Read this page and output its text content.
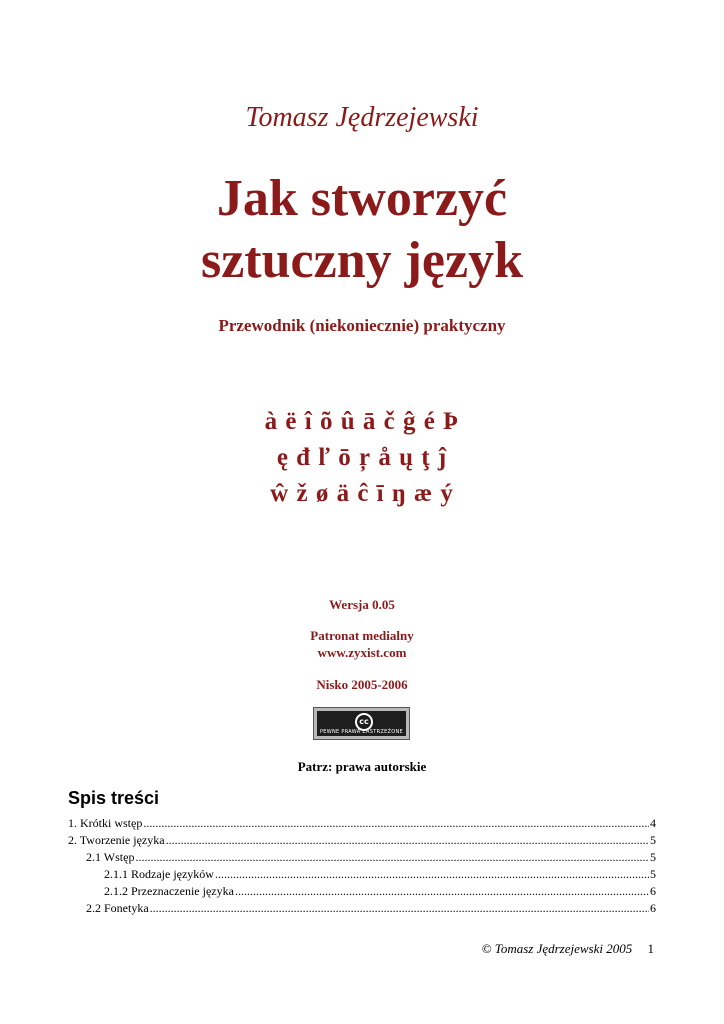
Tomasz Jędrzejewski
Jak stworzyć
sztuczny język
Przewodnik (niekoniecznie) praktyczny
à ë î õ û ā č ĝ é Þ
ę đ ľ ō ŗ å ų ţ ĵ
ŵ ž ø ä ĉ ī ŋ æ ý
Wersja 0.05
Patronat medialny
www.zyxist.com
Nisko 2005-2006
cc
PEWNE PRAWA ZASTRZEŻONE
Patrz: prawa autorskie
Spis treści
1. Krótki wstęp .....	4
2. Tworzenie języka .....	5
2.1 Wstęp .....	5
2.1.1 Rodzaje języków .....	5
2.1.2 Przeznaczenie języka .....	6
2.2 Fonetyka .....	6
© Tomasz Jędrzejewski 2005 1
